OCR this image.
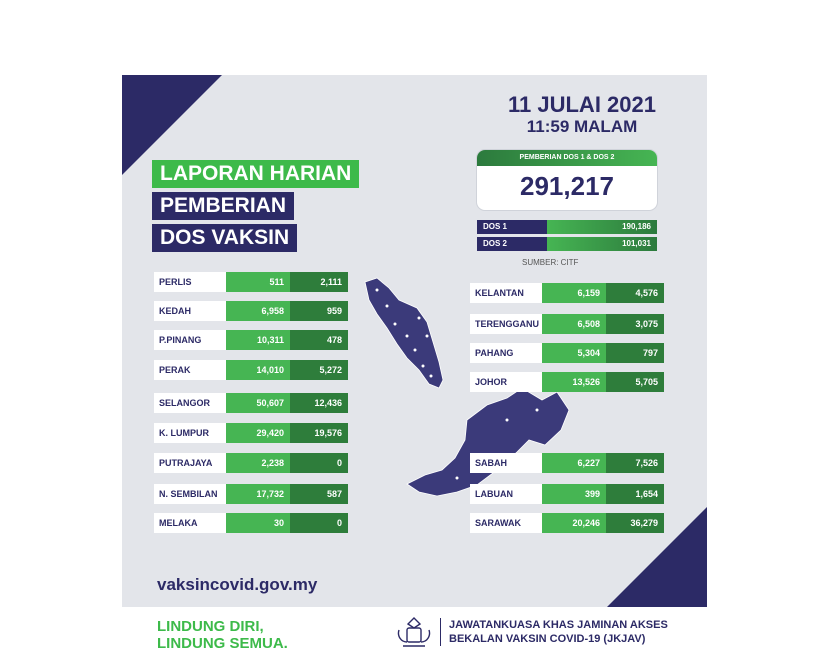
11 JULAI 2021
11:59 MALAM
LAPORAN HARIAN
PEMBERIAN
DOS VAKSIN
PEMBERIAN DOS 1 & DOS 2
291,217
DOS 1	190,186
DOS 2	101,031
SUMBER: CITF
PERLIS	511	2,111
KEDAH	6,958	959
P.PINANG	10,311	478
PERAK	14,010	5,272
SELANGOR	50,607	12,436
K. LUMPUR	29,420	19,576
PUTRAJAYA	2,238	0
N. SEMBILAN	17,732	587
MELAKA	30	0
KELANTAN	6,159	4,576
TERENGGANU	6,508	3,075
PAHANG	5,304	797
JOHOR	13,526	5,705
SABAH	6,227	7,526
LABUAN	399	1,654
SARAWAK	20,246	36,279
vaksincovid.gov.my
LINDUNG DIRI,
LINDUNG SEMUA.
JAWATANKUASA KHAS JAMINAN AKSES
BEKALAN VAKSIN COVID-19 (JKJAV)
